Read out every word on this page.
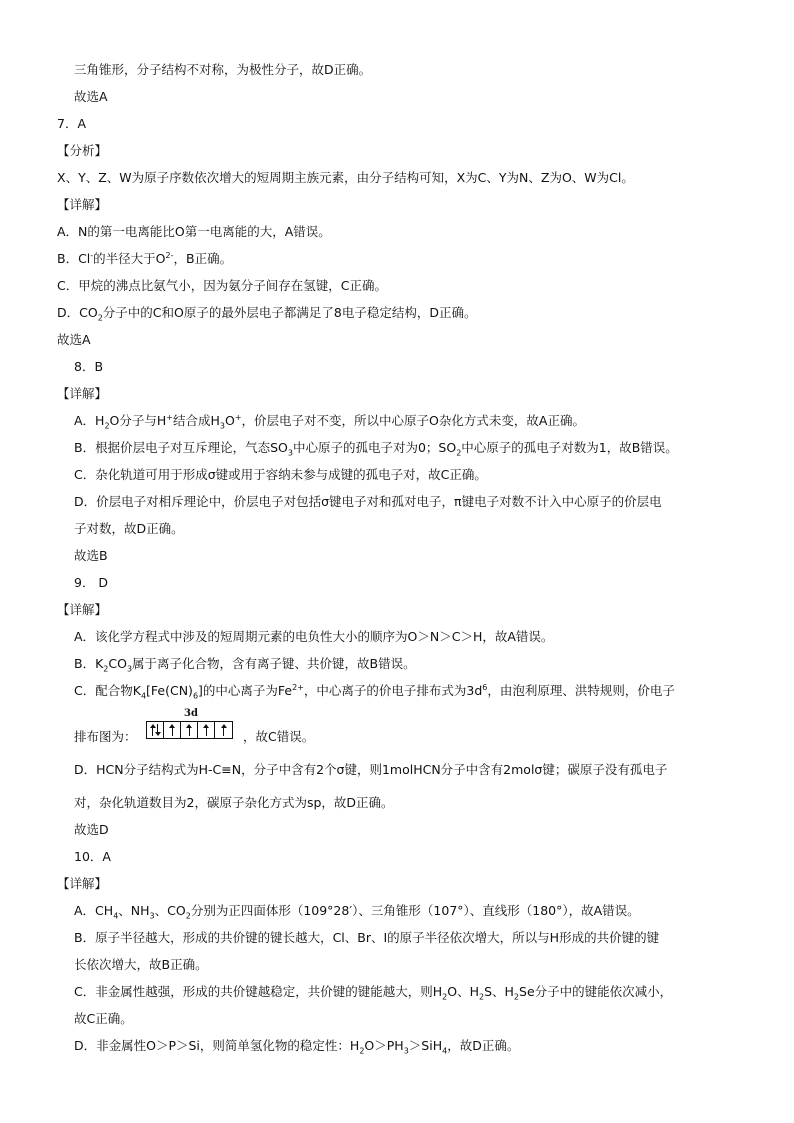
三角锥形，分子结构不对称，为极性分子，故D正确。
故选A
7．A
【分析】
X、Y、Z、W为原子序数依次增大的短周期主族元素，由分子结构可知，X为C、Y为N、Z为O、W为Cl。
【详解】
A．N的第一电离能比O第一电离能的大，A错误。
B．Cl-的半径大于$O^{2-}$，B正确。
C．甲烷的沸点比氨气小，因为氨分子间存在氢键，C正确。
D．$CO_2$分子中的C和O原子的最外层电子都满足了8电子稳定结构，D正确。
故选A
8．B
【详解】
A．$H_2O$分子与H+结合成$H_3O^+$，价层电子对不变，所以中心原子O杂化方式未变，故A正确。
B．根据价层电子对互斥理论，气态$SO_3$中心原子的孤电子对为0；$SO_2$中心原子的孤电子对数为1，故B错误。
C．杂化轨道可用于形成σ键或用于容纳未参与成键的孤电子对，故C正确。
D．价层电子对相斥理论中，价层电子对包括σ键电子对和孤对电子，π键电子对数不计入中心原子的价层电
子对数，故D正确。
故选B
9． D
【详解】
A．该化学方程式中涉及的短周期元素的电负性大小的顺序为O＞N＞C＞H，故A错误。
B．$K_2CO_3$属于离子化合物，含有离子键、共价键，故B错误。
C．配合物$K_4[Fe(CN)_6]$的中心离子为$Fe^{2+}$，中心离子的价电子排布式为$3d^6$，由泡利原理、洪特规则，价电子
排布图为：
3d
，故C错误。
D．HCN分子结构式为H-C≡N，分子中含有2个σ键，则1molHCN分子中含有2molσ键；碳原子没有孤电子
对，杂化轨道数目为2，碳原子杂化方式为sp，故D正确。
故选D
10．A
【详解】
A．$CH_4$、$NH_3$、$CO_2$分别为正四面体形（109°28′）、三角锥形（107°）、直线形（180°），故A错误。
B．原子半径越大，形成的共价键的键长越大，Cl、Br、I的原子半径依次增大，所以与H形成的共价键的键
长依次增大，故B正确。
C．非金属性越强，形成的共价键越稳定，共价键的键能越大，则$H_2O$、$H_2S$、$H_2Se$分子中的键能依次减小，
故C正确。
D．非金属性O＞P＞Si，则简单氢化物的稳定性：$H_2O>PH_3>SiH_4$，故D正确。
